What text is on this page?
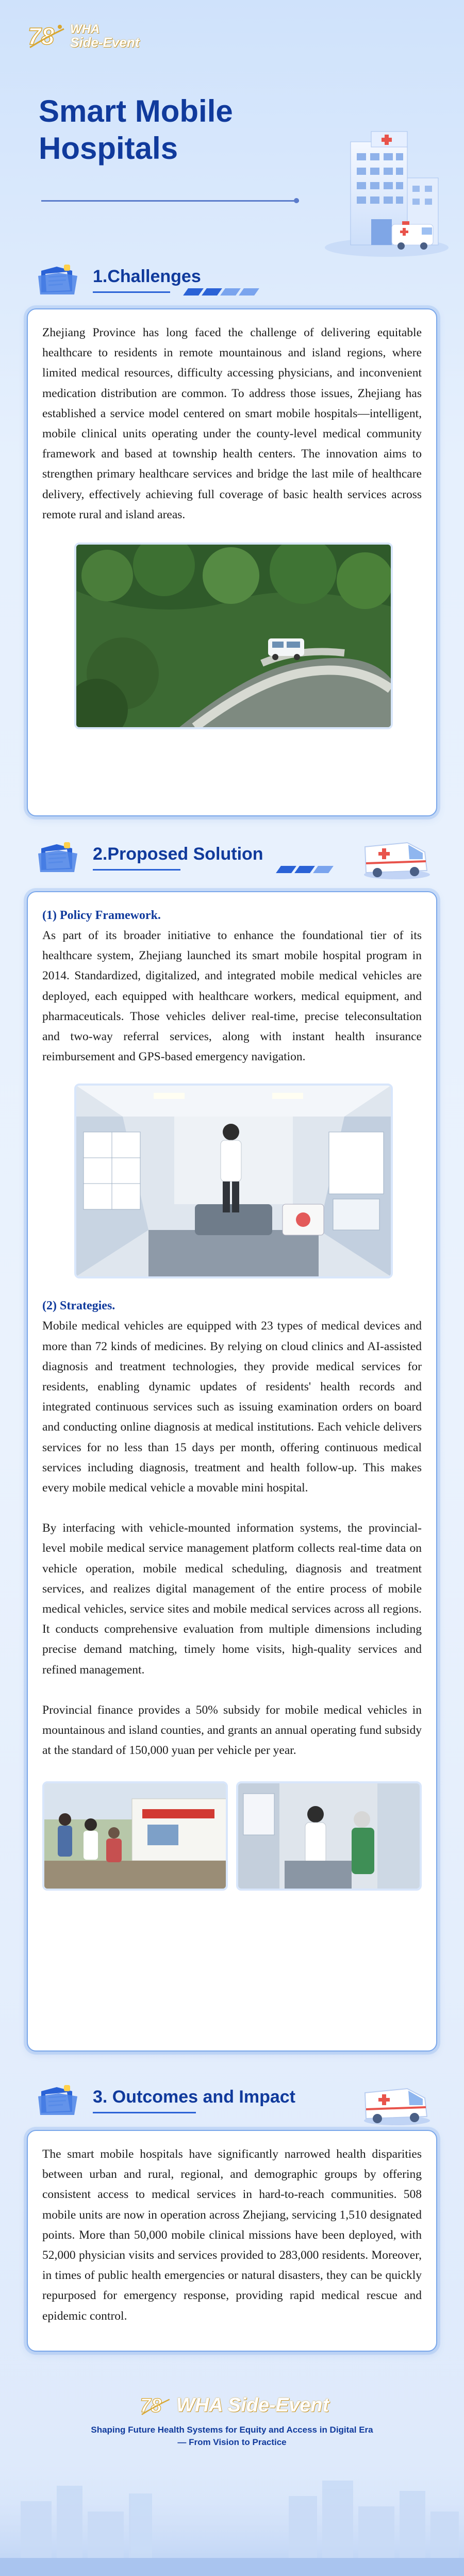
78 WHA
Side-Event
Smart Mobile Hospitals
1.Challenges

Zhejiang Province has long faced the challenge of delivering equitable healthcare to residents in remote mountainous and island regions, where limited medical resources, difficulty accessing physicians, and inconvenient medication distribution are common. To address those issues, Zhejiang has established a service model centered on smart mobile hospitals—intelligent, mobile clinical units operating under the county-level medical community framework and based at township health centers. The innovation aims to strengthen primary healthcare services and bridge the last mile of healthcare delivery, effectively achieving full coverage of basic health services across remote rural and island areas.

2.Proposed Solution
(1) Policy Framework.

As part of its broader initiative to enhance the foundational tier of its healthcare system, Zhejiang launched its smart mobile hospital program in 2014. Standardized, digitalized, and integrated mobile medical vehicles are deployed, each equipped with healthcare workers, medical equipment, and pharmaceuticals. Those vehicles deliver real-time, precise teleconsultation and two-way referral services, along with instant health insurance reimbursement and GPS-based emergency navigation.

(2) Strategies.

Mobile medical vehicles are equipped with 23 types of medical devices and more than 72 kinds of medicines. By relying on cloud clinics and AI-assisted diagnosis and treatment technologies, they provide medical services for residents, enabling dynamic updates of residents' health records and integrated continuous services such as issuing examination orders on board and conducting online diagnosis at medical institutions. Each vehicle delivers services for no less than 15 days per month, offering continuous medical services including diagnosis, treatment and health follow-up. This makes every mobile medical vehicle a movable mini hospital.

By interfacing with vehicle-mounted information systems, the provincial-level mobile medical service management platform collects real-time data on vehicle operation, mobile medical scheduling, diagnosis and treatment services, and realizes digital management of the entire process of mobile medical vehicles, service sites and mobile medical services across all regions. It conducts comprehensive evaluation from multiple dimensions including precise demand matching, timely home visits, high-quality services and refined management.

Provincial finance provides a 50% subsidy for mobile medical vehicles in mountainous and island counties, and grants an annual operating fund subsidy at the standard of 150,000 yuan per vehicle per year.

3. Outcomes and Impact

The smart mobile hospitals have significantly narrowed health disparities between urban and rural, regional, and demographic groups by offering consistent access to medical services in hard-to-reach communities. 508 mobile units are now in operation across Zhejiang, servicing 1,510 designated points. More than 50,000 mobile clinical missions have been deployed, with 52,000 physician visits and services provided to 283,000 residents. Moreover, in times of public health emergencies or natural disasters, they can be quickly repurposed for emergency response, providing rapid medical rescue and epidemic control.

78 WHA Side-Event
Shaping Future Health Systems for Equity and Access in Digital Era
— From Vision to Practice
